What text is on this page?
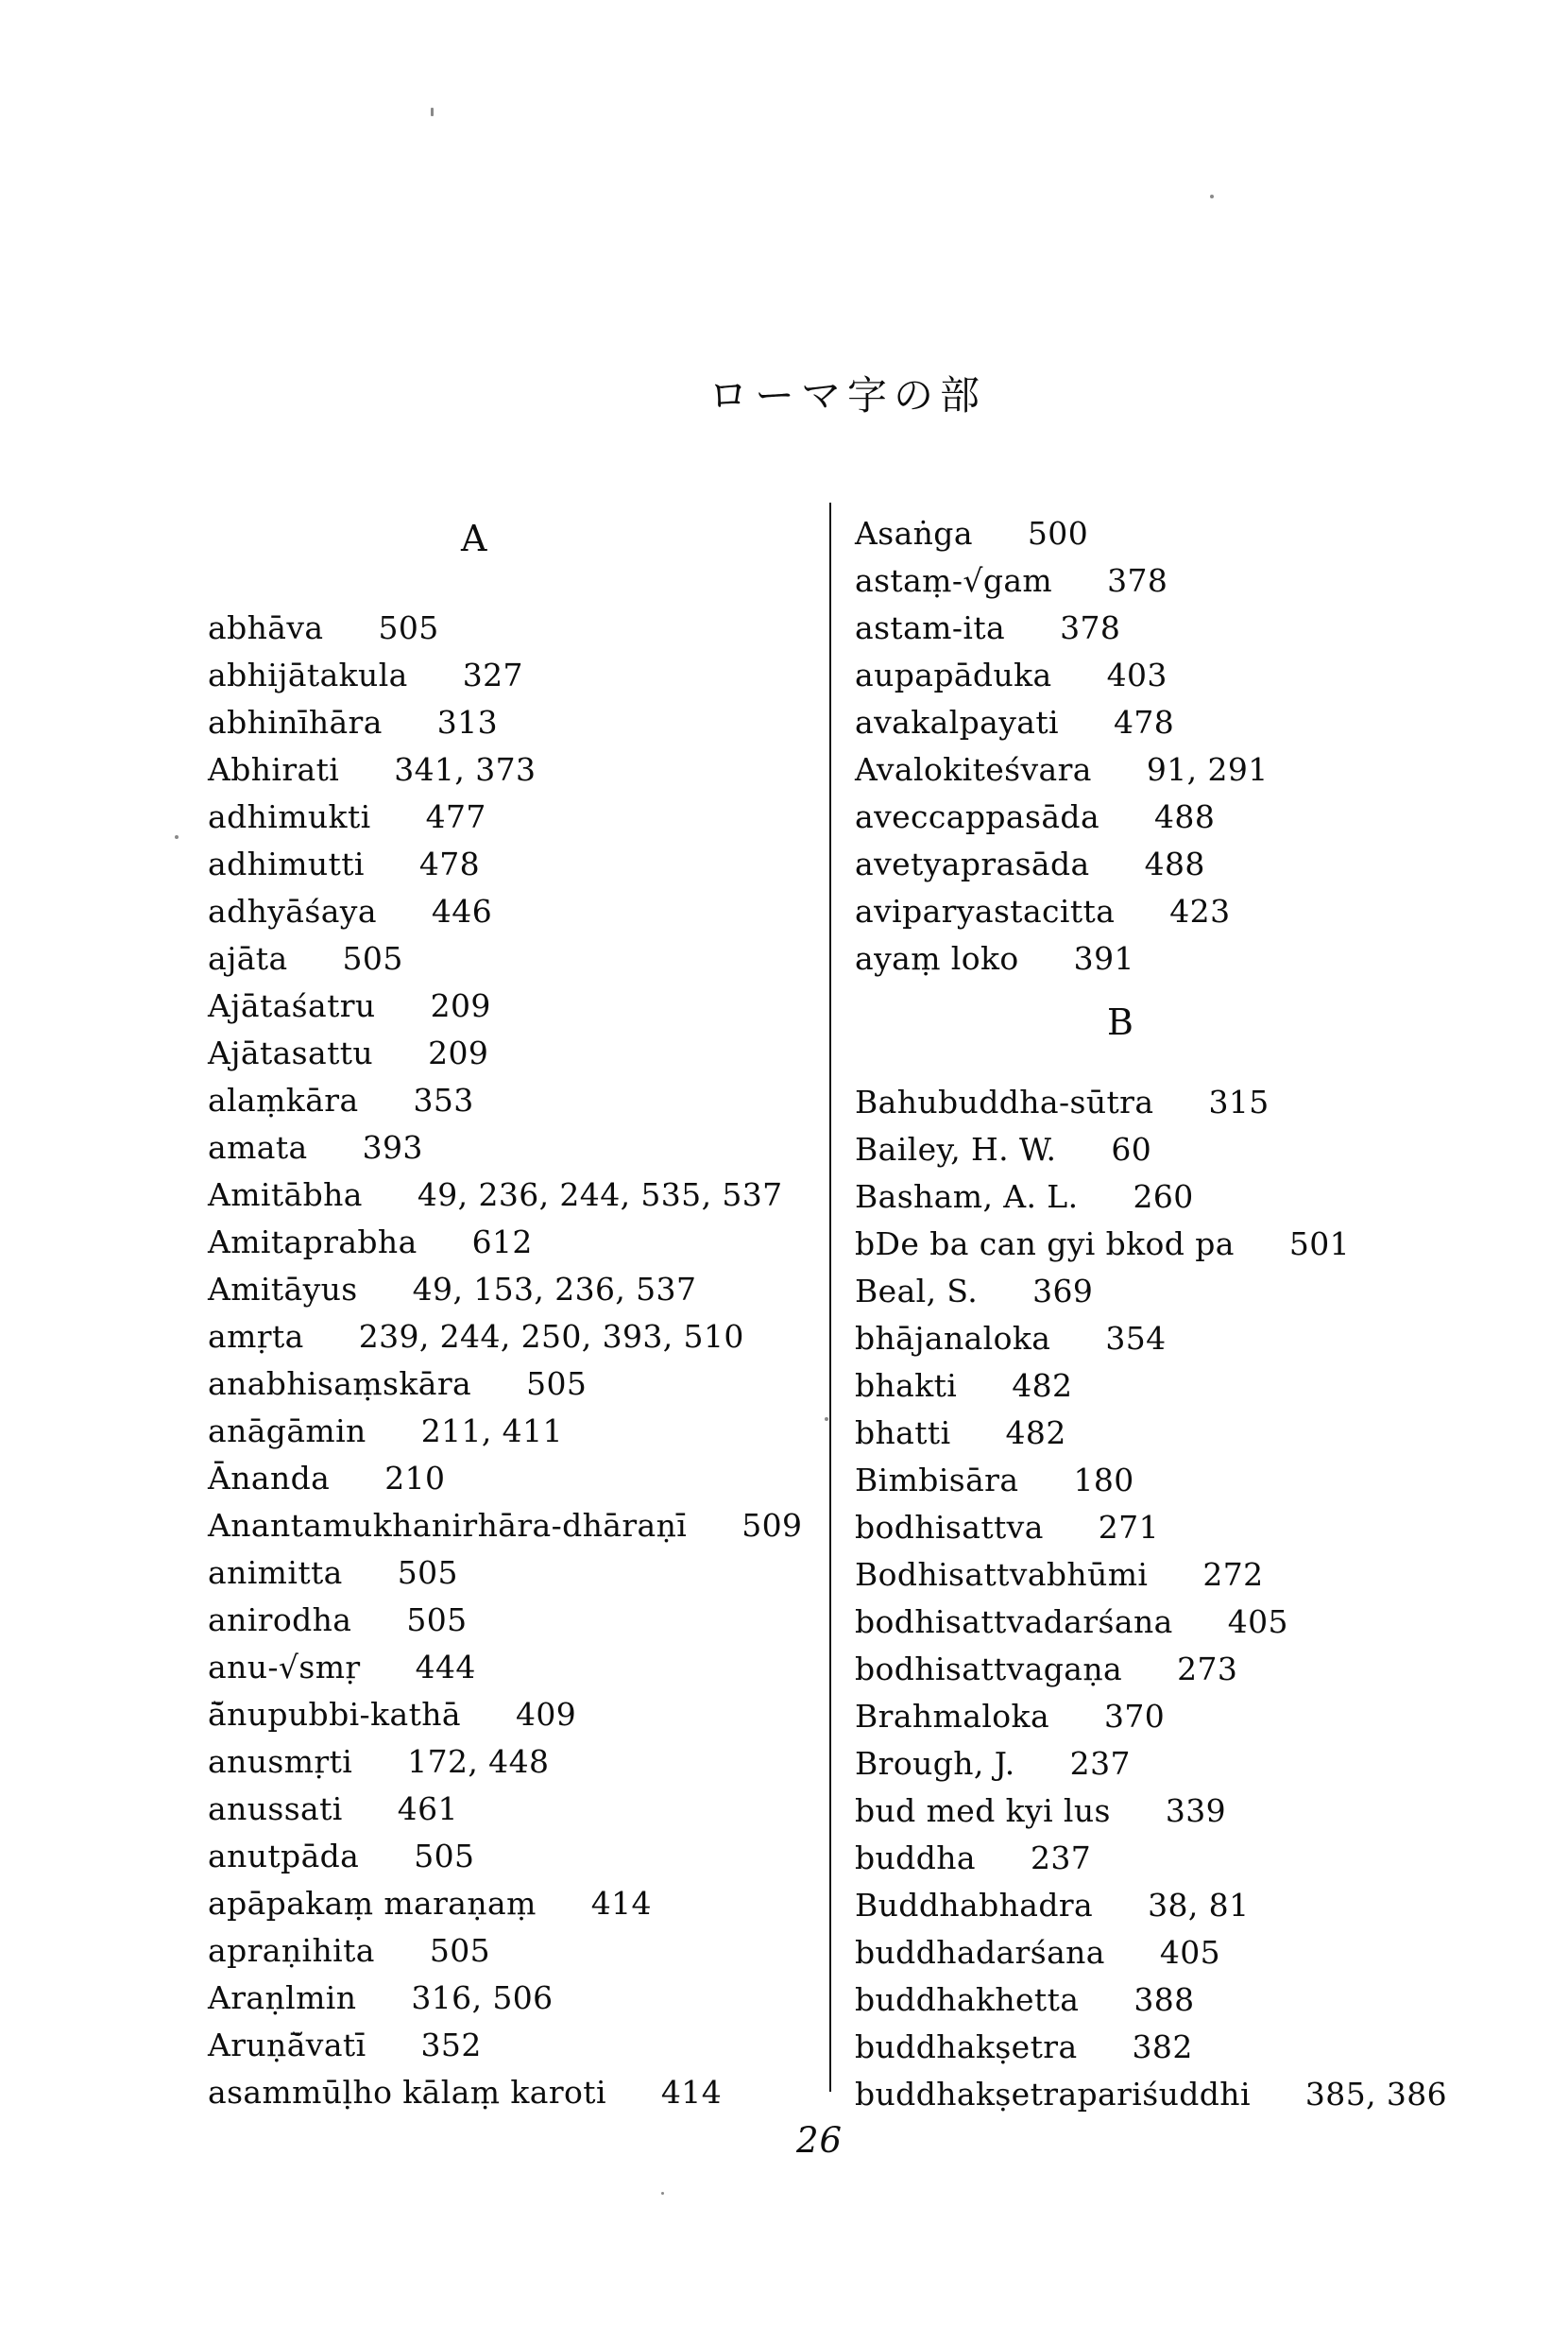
ローマ字の部
A
abhāva 505
abhijātakula 327
abhinīhāra 313
Abhirati 341, 373
adhimukti 477
adhimutti 478
adhyāśaya 446
ajāta 505
Ajātaśatru 209
Ajātasattu 209
alaṃkāra 353
amata 393
Amitābha 49, 236, 244, 535, 537
Amitaprabha 612
Amitāyus 49, 153, 236, 537
amṛta 239, 244, 250, 393, 510
anabhisaṃskāra 505
anāgāmin 211, 411
Ānanda 210
Anantamukhanirhāra-dhāraṇī 509
animitta 505
anirodha 505
anu-√smṛ 444
ā̆nupubbi-kathā 409
anusmṛti 172, 448
anussati 461
anutpāda 505
apāpakaṃ maraṇaṃ 414
apraṇihita 505
Araṇlmin 316, 506
Aruṇā̆vatī 352
asammūḷho kālaṃ karoti 414
Asaṅga 500
astaṃ-√gam 378
astam-ita 378
aupapāduka 403
avakalpayati 478
Avalokiteśvara 91, 291
aveccappasāda 488
avetyaprasāda 488
aviparyastacitta 423
ayaṃ loko 391
B
Bahubuddha-sūtra 315
Bailey, H. W. 60
Basham, A. L. 260
bDe ba can gyi bkod pa 501
Beal, S. 369
bhājanaloka 354
bhakti 482
bhatti 482
Bimbisāra 180
bodhisattva 271
Bodhisattvabhūmi 272
bodhisattvadarśana 405
bodhisattvagaṇa 273
Brahmaloka 370
Brough, J. 237
bud med kyi lus 339
buddha 237
Buddhabhadra 38, 81
buddhadarśana 405
buddhakhetta 388
buddhakṣetra 382
buddhakṣetrapariśuddhi 385, 386
26
